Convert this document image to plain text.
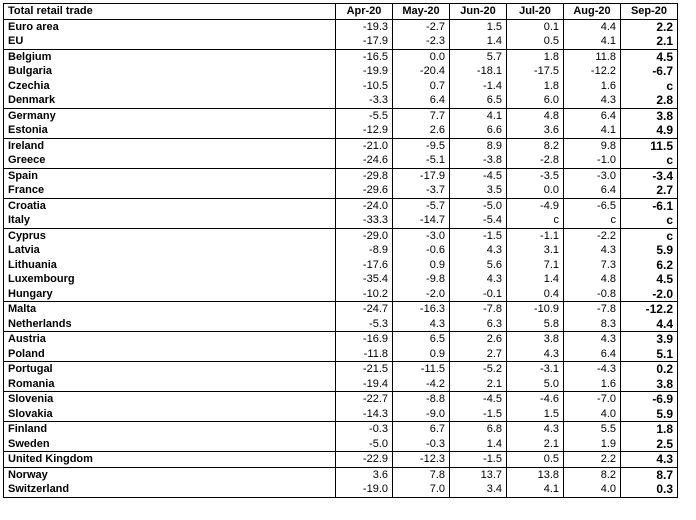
Total retail trade	Apr-20	May-20	Jun-20	Jul-20	Aug-20	Sep-20
Euro area	-19.3	-2.7	1.5	0.1	4.4	2.2
EU	-17.9	-2.3	1.4	0.5	4.1	2.1
Belgium	-16.5	0.0	5.7	1.8	11.8	4.5
Bulgaria	-19.9	-20.4	-18.1	-17.5	-12.2	-6.7
Czechia	-10.5	0.7	-1.4	1.8	1.6	c
Denmark	-3.3	6.4	6.5	6.0	4.3	2.8
Germany	-5.5	7.7	4.1	4.8	6.4	3.8
Estonia	-12.9	2.6	6.6	3.6	4.1	4.9
Ireland	-21.0	-9.5	8.9	8.2	9.8	11.5
Greece	-24.6	-5.1	-3.8	-2.8	-1.0	c
Spain	-29.8	-17.9	-4.5	-3.5	-3.0	-3.4
France	-29.6	-3.7	3.5	0.0	6.4	2.7
Croatia	-24.0	-5.7	-5.0	-4.9	-6.5	-6.1
Italy	-33.3	-14.7	-5.4	c	c	c
Cyprus	-29.0	-3.0	-1.5	-1.1	-2.2	c
Latvia	-8.9	-0.6	4.3	3.1	4.3	5.9
Lithuania	-17.6	0.9	5.6	7.1	7.3	6.2
Luxembourg	-35.4	-9.8	4.3	1.4	4.8	4.5
Hungary	-10.2	-2.0	-0.1	0.4	-0.8	-2.0
Malta	-24.7	-16.3	-7.8	-10.9	-7.8	-12.2
Netherlands	-5.3	4.3	6.3	5.8	8.3	4.4
Austria	-16.9	6.5	2.6	3.8	4.3	3.9
Poland	-11.8	0.9	2.7	4.3	6.4	5.1
Portugal	-21.5	-11.5	-5.2	-3.1	-4.3	0.2
Romania	-19.4	-4.2	2.1	5.0	1.6	3.8
Slovenia	-22.7	-8.8	-4.5	-4.6	-7.0	-6.9
Slovakia	-14.3	-9.0	-1.5	1.5	4.0	5.9
Finland	-0.3	6.7	6.8	4.3	5.5	1.8
Sweden	-5.0	-0.3	1.4	2.1	1.9	2.5
United Kingdom	-22.9	-12.3	-1.5	0.5	2.2	4.3
Norway	3.6	7.8	13.7	13.8	8.2	8.7
Switzerland	-19.0	7.0	3.4	4.1	4.0	0.3
